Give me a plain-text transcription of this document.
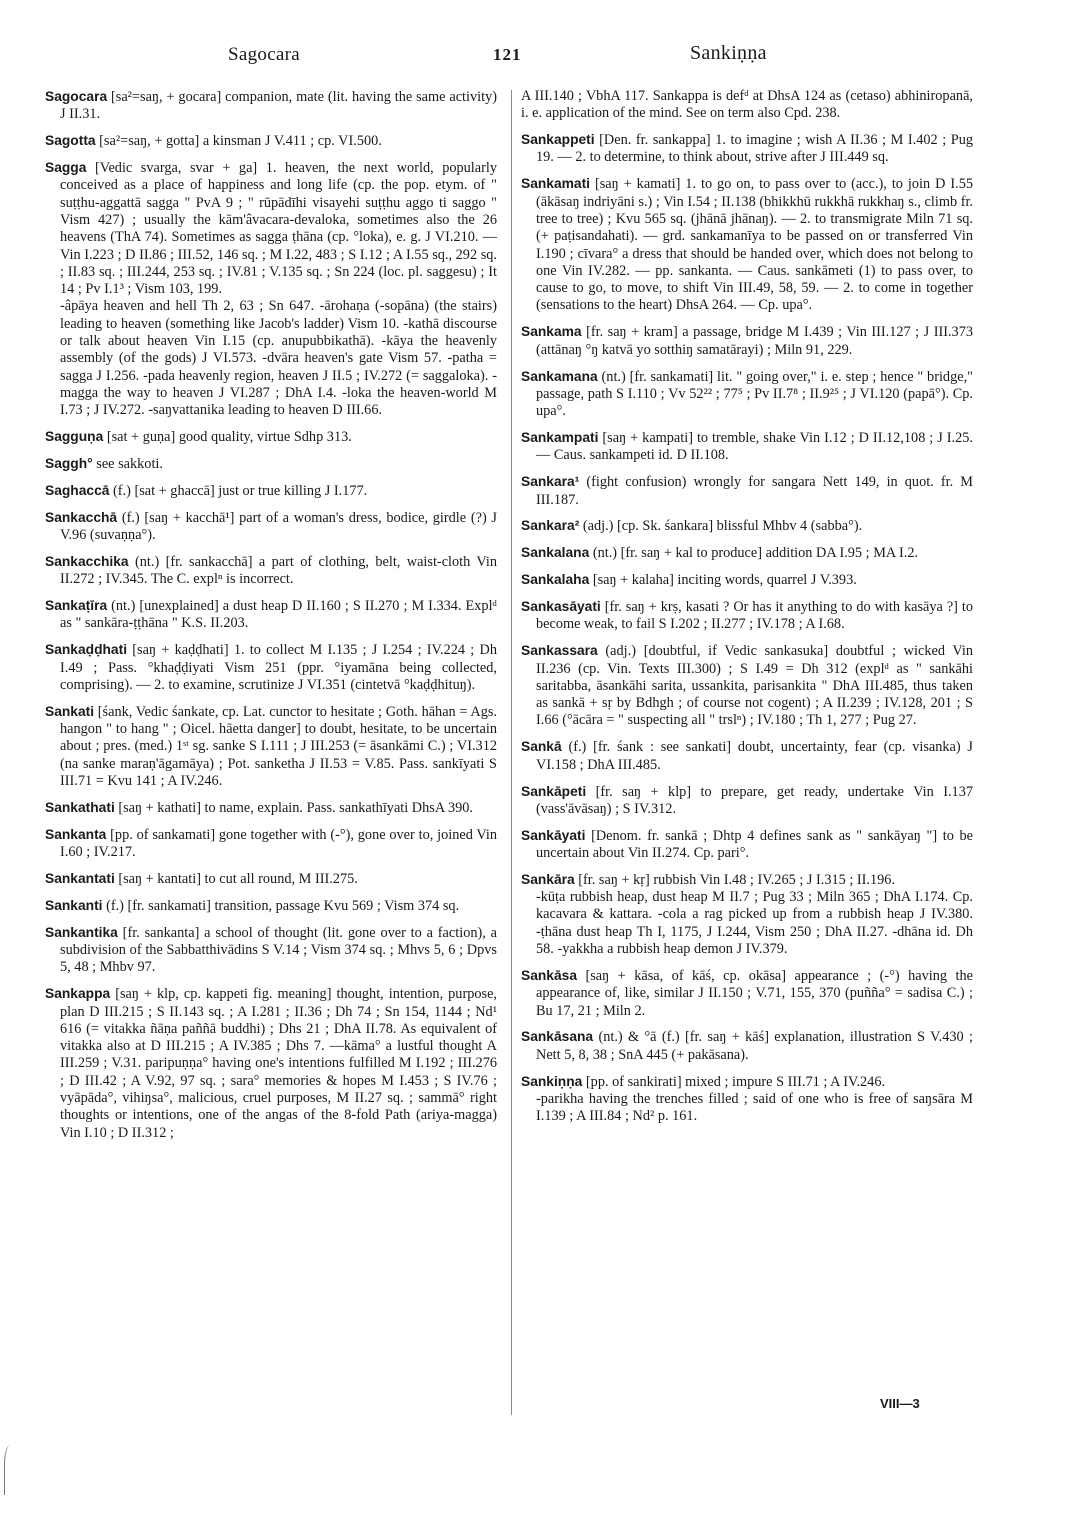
Sagocara	121	Sankiṇṇa

Sagocara [sa²=saŋ, + gocara] companion, mate (lit. having the same activity) J II.31.

Sagotta [sa²=saŋ, + gotta] a kinsman J V.411 ; cp. VI.500.

Sagga [Vedic svarga, svar + ga] 1. heaven, the next world, popularly conceived as a place of happiness and long life (cp. the pop. etym. of " suṭṭhu-aggattā sagga " PvA 9 ; " rūpādīhi visayehi suṭṭhu aggo ti saggo " Vism 427) ; usually the kām'âvacara-devaloka, sometimes also the 26 heavens (ThA 74). Sometimes as sagga ṭhāna (cp. °loka), e. g. J VI.210. — Vin I.223 ; D II.86 ; III.52, 146 sq. ; M I.22, 483 ; S I.12 ; A I.55 sq., 292 sq. ; II.83 sq. ; III.244, 253 sq. ; IV.81 ; V.135 sq. ; Sn 224 (loc. pl. saggesu) ; It 14 ; Pv I.1³ ; Vism 103, 199.
-âpāya heaven and hell Th 2, 63 ; Sn 647. -ārohaṇa (-sopāna) (the stairs) leading to heaven (something like Jacob's ladder) Vism 10. -kathā discourse or talk about heaven Vin I.15 (cp. anupubbikathā). -kāya the heavenly assembly (of the gods) J VI.573. -dvāra heaven's gate Vism 57. -patha = sagga J I.256. -pada heavenly region, heaven J II.5 ; IV.272 (= saggaloka). -magga the way to heaven J VI.287 ; DhA I.4. -loka the heaven-world M I.73 ; J IV.272. -saŋvattanika leading to heaven D III.66.

Sagguṇa [sat + guṇa] good quality, virtue Sdhp 313.

Saggh° see sakkoti.

Saghaccā (f.) [sat + ghaccā] just or true killing J I.177.

Sankacchā (f.) [saŋ + kacchā¹] part of a woman's dress, bodice, girdle (?) J V.96 (suvaṇṇa°).

Sankacchika (nt.) [fr. sankacchā] a part of clothing, belt, waist-cloth Vin II.272 ; IV.345. The C. explⁿ is incorrect.

Sankaṭīra (nt.) [unexplained] a dust heap D II.160 ; S II.270 ; M I.334. Explᵈ as " sankāra-ṭṭhāna " K.S. II.203.

Sankaḍḍhati [saŋ + kaḍḍhati] 1. to collect M I.135 ; J I.254 ; IV.224 ; Dh I.49 ; Pass. °khaḍḍiyati Vism 251 (ppr. °iyamāna being collected, comprising). — 2. to examine, scrutinize J VI.351 (cintetvā °kaḍḍhituŋ).

Sankati [śank, Vedic śankate, cp. Lat. cunctor to hesitate ; Goth. hāhan = Ags. hangon " to hang " ; Oicel. hāetta danger] to doubt, hesitate, to be uncertain about ; pres. (med.) 1ˢᵗ sg. sanke S I.111 ; J III.253 (= āsankāmi C.) ; VI.312 (na sanke maraṇ'āgamāya) ; Pot. sanketha J II.53 = V.85. Pass. sankīyati S III.71 = Kvu 141 ; A IV.246.

Sankathati [saŋ + kathati] to name, explain. Pass. sankathīyati DhsA 390.

Sankanta [pp. of sankamati] gone together with (-°), gone over to, joined Vin I.60 ; IV.217.

Sankantati [saŋ + kantati] to cut all round, M III.275.

Sankanti (f.) [fr. sankamati] transition, passage Kvu 569 ; Vism 374 sq.

Sankantika [fr. sankanta] a school of thought (lit. gone over to a faction), a subdivision of the Sabbatthivādins S V.14 ; Vism 374 sq. ; Mhvs 5, 6 ; Dpvs 5, 48 ; Mhbv 97.

Sankappa [saŋ + klp, cp. kappeti fig. meaning] thought, intention, purpose, plan D III.215 ; S II.143 sq. ; A I.281 ; II.36 ; Dh 74 ; Sn 154, 1144 ; Nd¹ 616 (= vitakka ñāṇa paññā buddhi) ; Dhs 21 ; DhA II.78. As equivalent of vitakka also at D III.215 ; A IV.385 ; Dhs 7. —kāma° a lustful thought A III.259 ; V.31. paripuṇṇa° having one's intentions fulfilled M I.192 ; III.276 ; D III.42 ; A V.92, 97 sq. ; sara° memories & hopes M I.453 ; S IV.76 ; vyāpāda°, vihiŋsa°, malicious, cruel purposes, M II.27 sq. ; sammā° right thoughts or intentions, one of the angas of the 8-fold Path (ariya-magga) Vin I.10 ; D II.312 ;

A III.140 ; VbhA 117. Sankappa is defᵈ at DhsA 124 as (cetaso) abhiniropanā, i. e. application of the mind. See on term also Cpd. 238.

Sankappeti [Den. fr. sankappa] 1. to imagine ; wish A II.36 ; M I.402 ; Pug 19. — 2. to determine, to think about, strive after J III.449 sq.

Sankamati [saŋ + kamati] 1. to go on, to pass over to (acc.), to join D I.55 (ākāsaŋ indriyāni s.) ; Vin I.54 ; II.138 (bhikkhū rukkhā rukkhaŋ s., climb fr. tree to tree) ; Kvu 565 sq. (jhānā jhānaŋ). — 2. to transmigrate Miln 71 sq. (+ paṭisandahati). — grd. sankamanīya to be passed on or transferred Vin I.190 ; cīvara° a dress that should be handed over, which does not belong to one Vin IV.282. — pp. sankanta. — Caus. sankāmeti (1) to pass over, to cause to go, to move, to shift Vin III.49, 58, 59. — 2. to come in together (sensations to the heart) DhsA 264. — Cp. upa°.

Sankama [fr. saŋ + kram] a passage, bridge M I.439 ; Vin III.127 ; J III.373 (attānaŋ °ŋ katvā yo sotthiŋ samatārayi) ; Miln 91, 229.

Sankamana (nt.) [fr. sankamati] lit. " going over," i. e. step ; hence " bridge," passage, path S I.110 ; Vv 52²² ; 77⁵ ; Pv II.7⁸ ; II.9²⁵ ; J VI.120 (papā°). Cp. upa°.

Sankampati [saŋ + kampati] to tremble, shake Vin I.12 ; D II.12,108 ; J I.25. — Caus. sankampeti id. D II.108.

Sankara¹ (fight confusion) wrongly for sangara Nett 149, in quot. fr. M III.187.

Sankara² (adj.) [cp. Sk. śankara] blissful Mhbv 4 (sabba°).

Sankalana (nt.) [fr. saŋ + kal to produce] addition DA I.95 ; MA I.2.

Sankalaha [saŋ + kalaha] inciting words, quarrel J V.393.

Sankasāyati [fr. saŋ + krṣ, kasati ? Or has it anything to do with kasāya ?] to become weak, to fail S I.202 ; II.277 ; IV.178 ; A I.68.

Sankassara (adj.) [doubtful, if Vedic sankasuka] doubtful ; wicked Vin II.236 (cp. Vin. Texts III.300) ; S I.49 = Dh 312 (explᵈ as " sankāhi saritabba, āsankāhi sarita, ussankita, parisankita " DhA III.485, thus taken as sankā + sṛ by Bdhgh ; of course not cogent) ; A II.239 ; IV.128, 201 ; S I.66 (°ācāra = " suspecting all " trslⁿ) ; IV.180 ; Th 1, 277 ; Pug 27.

Sankā (f.) [fr. śank : see sankati] doubt, uncertainty, fear (cp. visanka) J VI.158 ; DhA III.485.

Sankāpeti [fr. saŋ + klp] to prepare, get ready, undertake Vin I.137 (vass'āvāsaŋ) ; S IV.312.

Sankāyati [Denom. fr. sankā ; Dhtp 4 defines sank as " sankāyaŋ "] to be uncertain about Vin II.274. Cp. pari°.

Sankāra [fr. saŋ + kṛ] rubbish Vin I.48 ; IV.265 ; J I.315 ; II.196.
-kūṭa rubbish heap, dust heap M II.7 ; Pug 33 ; Miln 365 ; DhA I.174. Cp. kacavara & kattara. -cola a rag picked up from a rubbish heap J IV.380. -ṭhāna dust heap Th I, 1175, J I.244, Vism 250 ; DhA II.27. -dhāna id. Dh 58. -yakkha a rubbish heap demon J IV.379.

Sankāsa [saŋ + kāsa, of kāś, cp. okāsa] appearance ; (-°) having the appearance of, like, similar J II.150 ; V.71, 155, 370 (puñña° = sadisa C.) ; Bu 17, 21 ; Miln 2.

Sankāsana (nt.) & °ā (f.) [fr. saŋ + kāś] explanation, illustration S V.430 ; Nett 5, 8, 38 ; SnA 445 (+ pakāsana).

Sankiṇṇa [pp. of sankirati] mixed ; impure S III.71 ; A IV.246.
-parikha having the trenches filled ; said of one who is free of saŋsāra M I.139 ; A III.84 ; Nd² p. 161.

VIII—3
